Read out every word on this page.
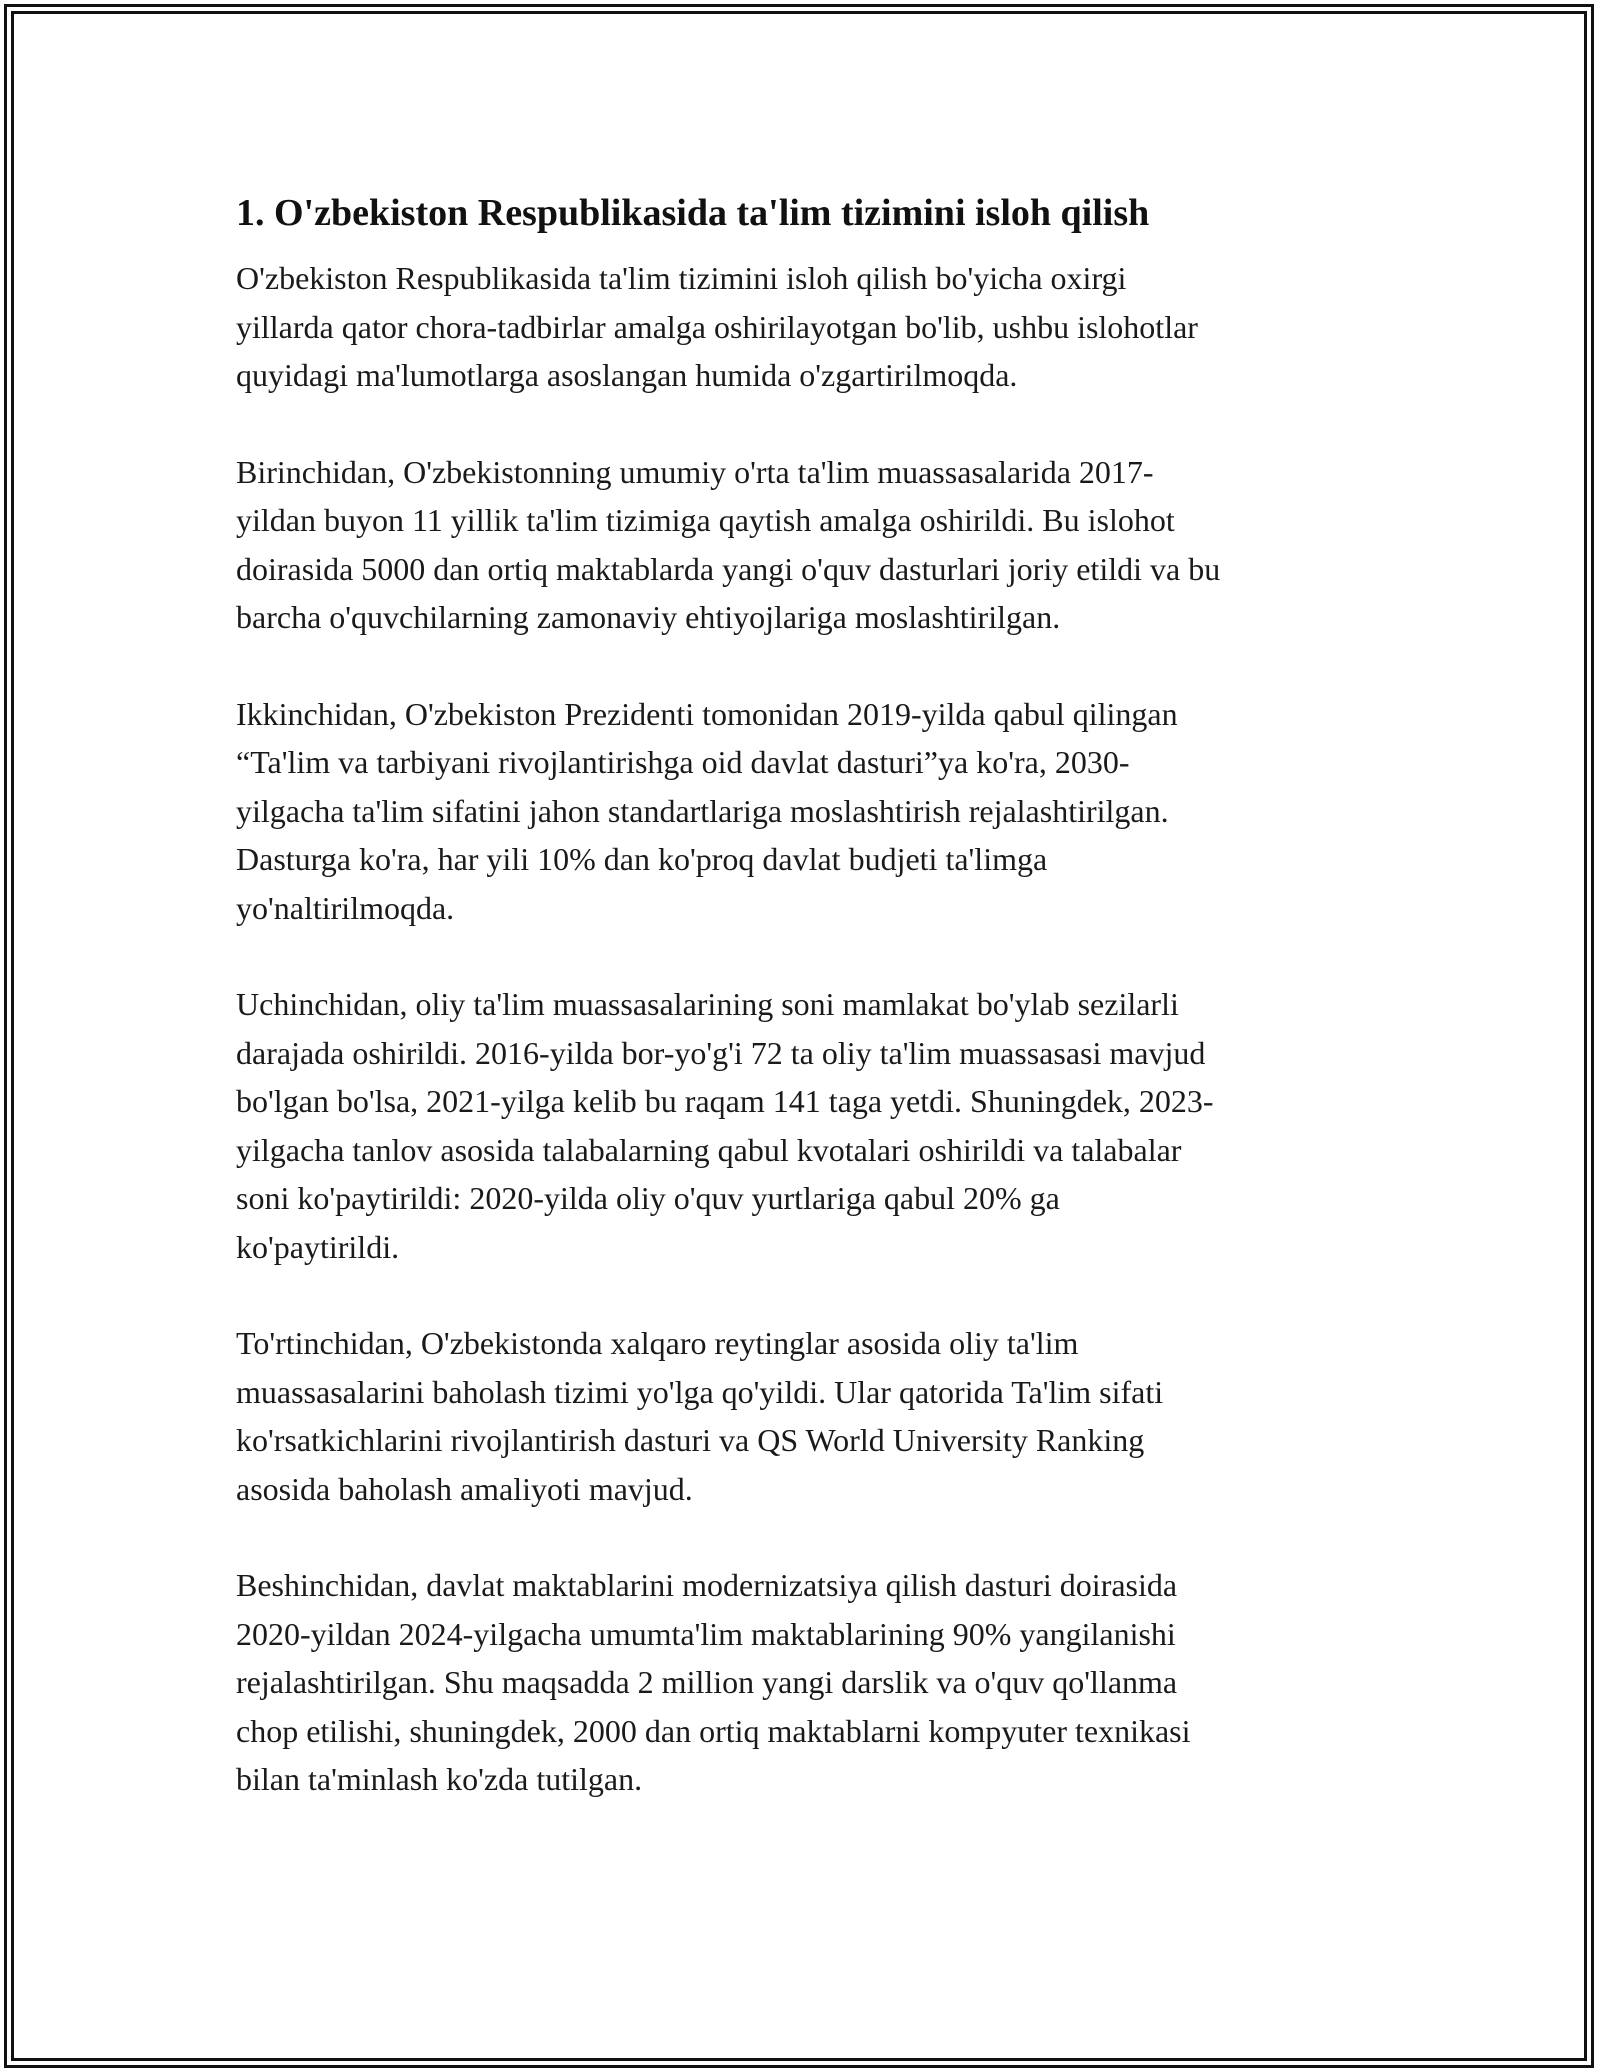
1. O'zbekiston Respublikasida ta'lim tizimini isloh qilish
O'zbekiston Respublikasida ta'lim tizimini isloh qilish bo'yicha oxirgi
yillarda qator chora-tadbirlar amalga oshirilayotgan bo'lib, ushbu islohotlar
quyidagi ma'lumotlarga asoslangan humida o'zgartirilmoqda.
Birinchidan, O'zbekistonning umumiy o'rta ta'lim muassasalarida 2017-
yildan buyon 11 yillik ta'lim tizimiga qaytish amalga oshirildi. Bu islohot
doirasida 5000 dan ortiq maktablarda yangi o'quv dasturlari joriy etildi va bu
barcha o'quvchilarning zamonaviy ehtiyojlariga moslashtirilgan.
Ikkinchidan, O'zbekiston Prezidenti tomonidan 2019-yilda qabul qilingan
“Ta'lim va tarbiyani rivojlantirishga oid davlat dasturi”ya ko'ra, 2030-
yilgacha ta'lim sifatini jahon standartlariga moslashtirish rejalashtirilgan.
Dasturga ko'ra, har yili 10% dan ko'proq davlat budjeti ta'limga
yo'naltirilmoqda.
Uchinchidan, oliy ta'lim muassasalarining soni mamlakat bo'ylab sezilarli
darajada oshirildi. 2016-yilda bor-yo'g'i 72 ta oliy ta'lim muassasasi mavjud
bo'lgan bo'lsa, 2021-yilga kelib bu raqam 141 taga yetdi. Shuningdek, 2023-
yilgacha tanlov asosida talabalarning qabul kvotalari oshirildi va talabalar
soni ko'paytirildi: 2020-yilda oliy o'quv yurtlariga qabul 20% ga
ko'paytirildi.
To'rtinchidan, O'zbekistonda xalqaro reytinglar asosida oliy ta'lim
muassasalarini baholash tizimi yo'lga qo'yildi. Ular qatorida Ta'lim sifati
ko'rsatkichlarini rivojlantirish dasturi va QS World University Ranking
asosida baholash amaliyoti mavjud.
Beshinchidan, davlat maktablarini modernizatsiya qilish dasturi doirasida
2020-yildan 2024-yilgacha umumta'lim maktablarining 90% yangilanishi
rejalashtirilgan. Shu maqsadda 2 million yangi darslik va o'quv qo'llanma
chop etilishi, shuningdek, 2000 dan ortiq maktablarni kompyuter texnikasi
bilan ta'minlash ko'zda tutilgan.
